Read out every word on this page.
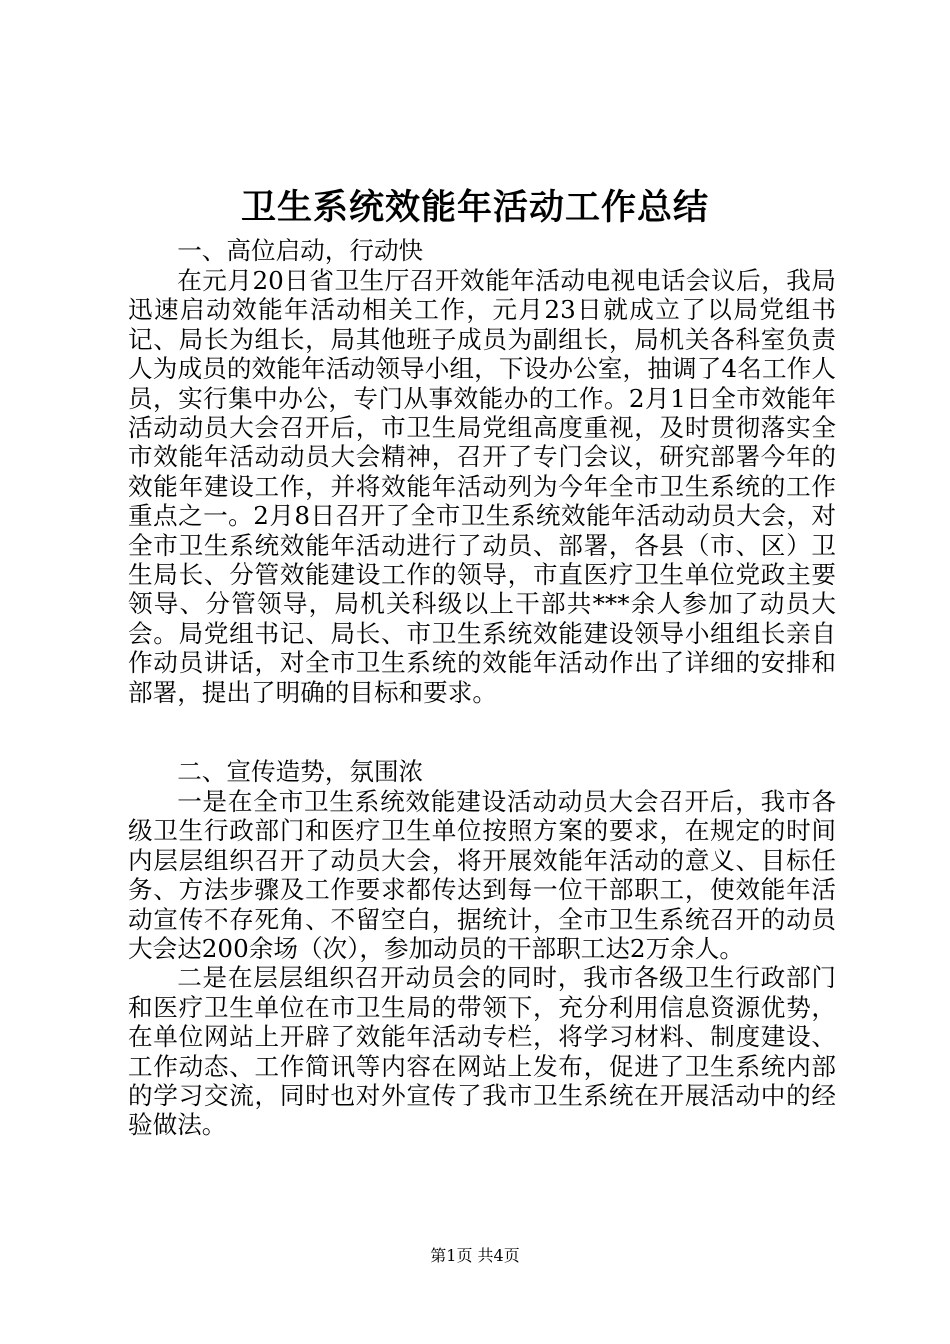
卫生系统效能年活动工作总结
一、高位启动，行动快

在元月20日省卫生厅召开效能年活动电视电话会议后，我局迅速启动效能年活动相关工作，元月23日就成立了以局党组书记、局长为组长，局其他班子成员为副组长，局机关各科室负责人为成员的效能年活动领导小组，下设办公室，抽调了4名工作人员，实行集中办公，专门从事效能办的工作。2月1日全市效能年活动动员大会召开后，市卫生局党组高度重视，及时贯彻落实全市效能年活动动员大会精神，召开了专门会议，研究部署今年的效能年建设工作，并将效能年活动列为今年全市卫生系统的工作重点之一。2月8日召开了全市卫生系统效能年活动动员大会，对全市卫生系统效能年活动进行了动员、部署，各县（市、区）卫生局长、分管效能建设工作的领导，市直医疗卫生单位党政主要领导、分管领导，局机关科级以上干部共***余人参加了动员大会。局党组书记、局长、市卫生系统效能建设领导小组组长亲自作动员讲话，对全市卫生系统的效能年活动作出了详细的安排和部署，提出了明确的目标和要求。

二、宣传造势，氛围浓

一是在全市卫生系统效能建设活动动员大会召开后，我市各级卫生行政部门和医疗卫生单位按照方案的要求，在规定的时间内层层组织召开了动员大会，将开展效能年活动的意义、目标任务、方法步骤及工作要求都传达到每一位干部职工，使效能年活动宣传不存死角、不留空白，据统计，全市卫生系统召开的动员大会达200余场（次），参加动员的干部职工达2万余人。

二是在层层组织召开动员会的同时，我市各级卫生行政部门和医疗卫生单位在市卫生局的带领下，充分利用信息资源优势，在单位网站上开辟了效能年活动专栏，将学习材料、制度建设、工作动态、工作简讯等内容在网站上发布，促进了卫生系统内部的学习交流，同时也对外宣传了我市卫生系统在开展活动中的经验做法。

第1页 共4页
